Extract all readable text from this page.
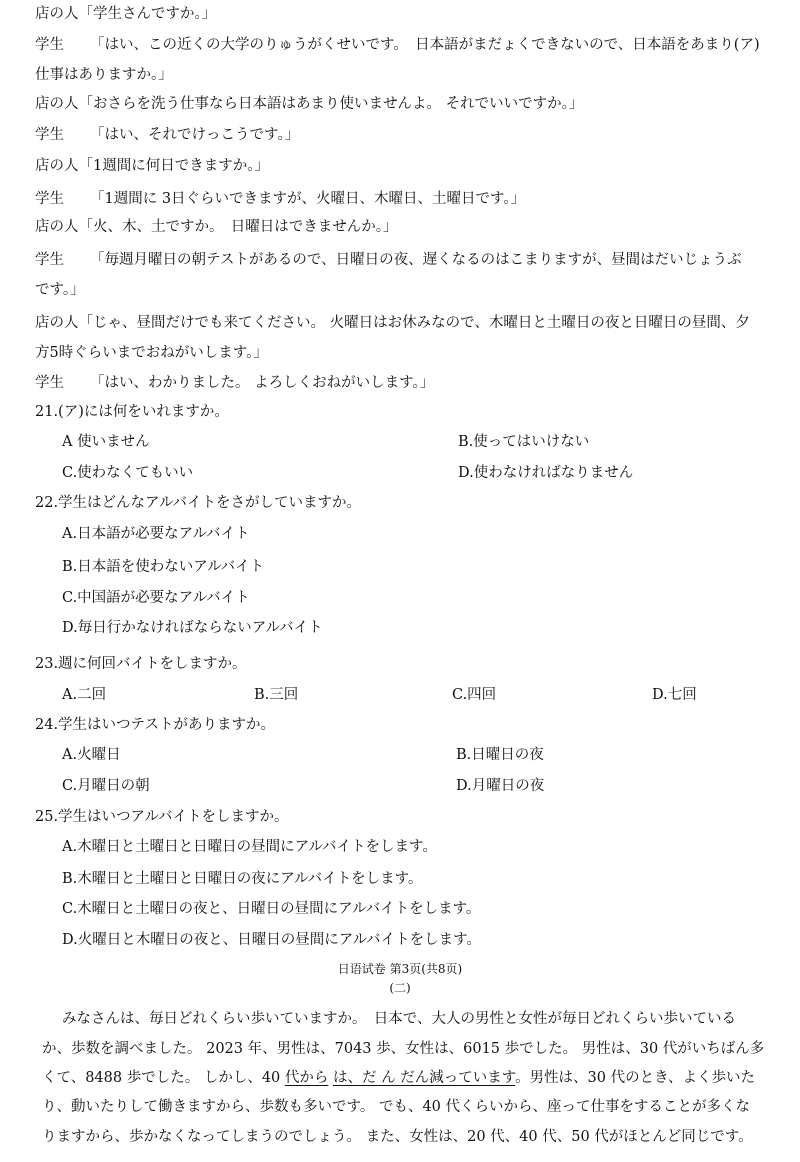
店の人「学生さんですか。」
学生 「はい、この近くの大学のりゅうがくせいです。　日本語がまだょくできないので、日本語をあまり(ア)
仕事はありますか。」
店の人「おさらを洗う仕事なら日本語はあまり使いませんよ。 それでいいですか。」
学生 「はい、それでけっこうです。」
店の人「1週間に何日できますか。」
学生 「1週間に 3日ぐらいできますが、火曜日、木曜日、土曜日です。」
店の人「火、木、土ですか。　日曜日はできませんか。」
学生 「毎週月曜日の朝テストがあるので、日曜日の夜、遅くなるのはこまりますが、昼間はだいじょうぶ
です。」
店の人「じゃ、昼間だけでも来てください。 火曜日はお休みなので、木曜日と土曜日の夜と日曜日の昼間、夕
方5時ぐらいまでおねがいします。」
学生 「はい、わかりました。 よろしくおねがいします。」
21.(ア)には何をいれますか。
A 使いません	B.使ってはいけない
C.使わなくてもいい	D.使わなければなりません
22.学生はどんなアルバイトをさがしていますか。
A.日本語が必要なアルバイト
B.日本語を使わないアルバイト
C.中国語が必要なアルバイト
D.毎日行かなければならないアルバイト
23.週に何回バイトをしますか。
A.二回	B.三回	C.四回	D.七回
24.学生はいつテストがありますか。
A.火曜日	B.日曜日の夜
C.月曜日の朝	D.月曜日の夜
25.学生はいつアルバイトをしますか。
A.木曜日と土曜日と日曜日の昼間にアルバイトをします。
B.木曜日と土曜日と日曜日の夜にアルバイトをします。
C.木曜日と土曜日の夜と、日曜日の昼間にアルバイトをします。
D.火曜日と木曜日の夜と、日曜日の昼間にアルバイトをします。
日语试卷 第3页(共8页)
(二)
みなさんは、毎日どれくらい歩いていますか。　日本で、大人の男性と女性が毎日どれくらい歩いている
か、歩数を調べました。 2023 年、男性は、7043 歩、女性は、6015 歩でした。 男性は、30 代がいちばん多
くて、8488 歩でした。 しかし、40 代から は、だ ん だん減っています。男性は、30 代のとき、よく歩いた
り、動いたりして働きますから、歩数も多いです。 でも、40 代くらいから、座って仕事をすることが多くな
りますから、歩かなくなってしまうのでしょう。 また、女性は、20 代、40 代、50 代がほとんど同じです。
